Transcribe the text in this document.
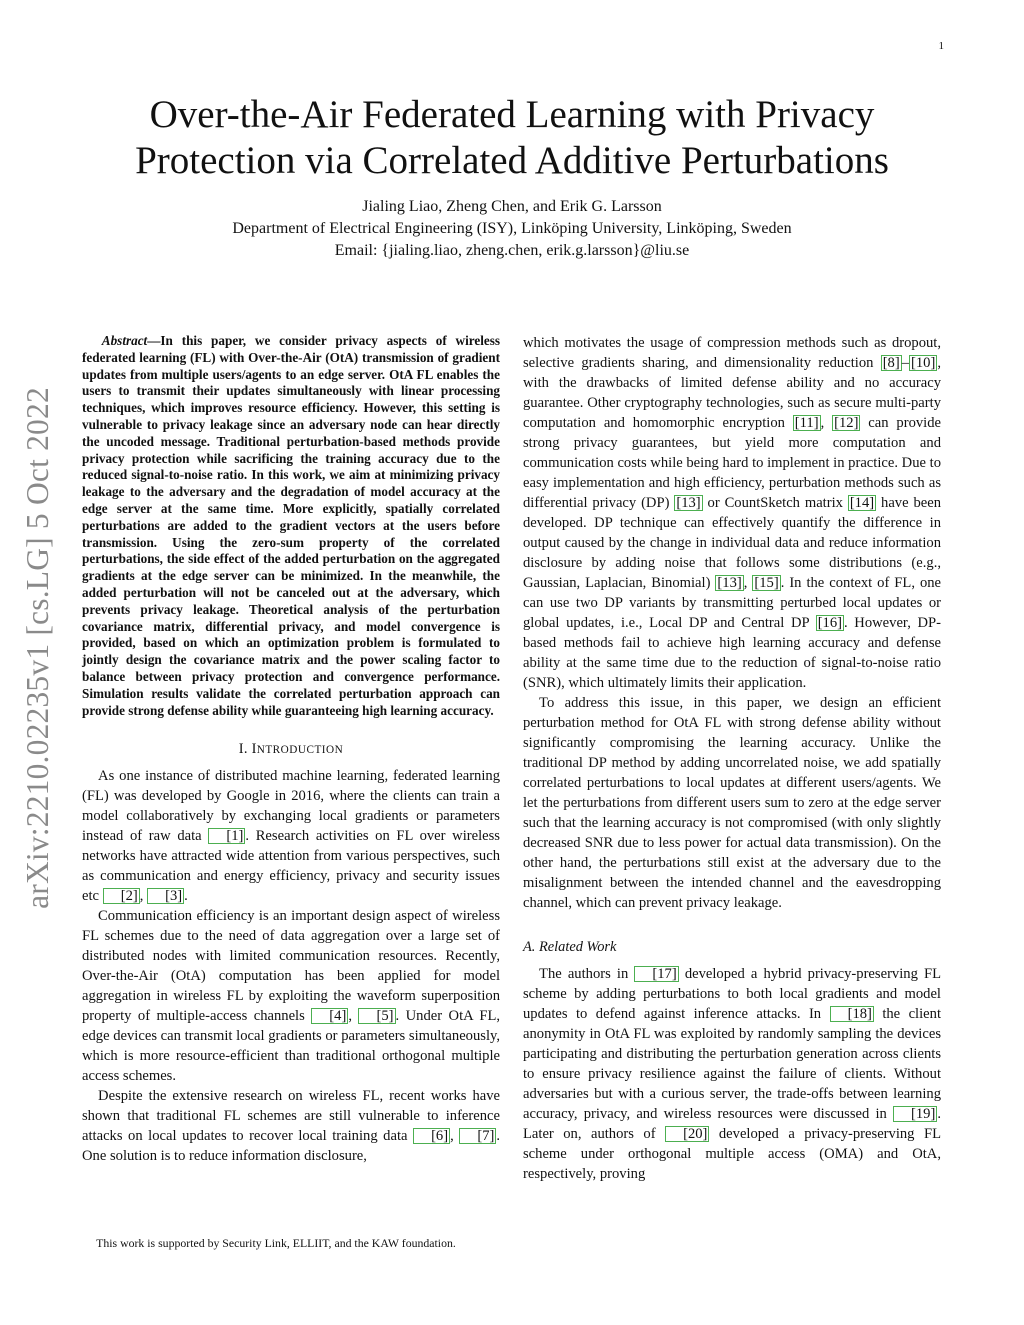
1
arXiv:2210.02235v1 [cs.LG] 5 Oct 2022
Over-the-Air Federated Learning with Privacy
Protection via Correlated Additive Perturbations
Jialing Liao, Zheng Chen, and Erik G. Larsson
Department of Electrical Engineering (ISY), Linköping University, Linköping, Sweden
Email: {jialing.liao, zheng.chen, erik.g.larsson}@liu.se

Abstract—In this paper, we consider privacy aspects of wireless federated learning (FL) with Over-the-Air (OtA) transmission of gradient updates from multiple users/agents to an edge server. OtA FL enables the users to transmit their updates simultaneously with linear processing techniques, which improves resource efficiency. However, this setting is vulnerable to privacy leakage since an adversary node can hear directly the uncoded message. Traditional perturbation-based methods provide privacy protection while sacrificing the training accuracy due to the reduced signal-to-noise ratio. In this work, we aim at minimizing privacy leakage to the adversary and the degradation of model accuracy at the edge server at the same time. More explicitly, spatially correlated perturbations are added to the gradient vectors at the users before transmission. Using the zero-sum property of the correlated perturbations, the side effect of the added perturbation on the aggregated gradients at the edge server can be minimized. In the meanwhile, the added perturbation will not be canceled out at the adversary, which prevents privacy leakage. Theoretical analysis of the perturbation covariance matrix, differential privacy, and model convergence is provided, based on which an optimization problem is formulated to jointly design the covariance matrix and the power scaling factor to balance between privacy protection and convergence performance. Simulation results validate the correlated perturbation approach can provide strong defense ability while guaranteeing high learning accuracy.

I. INTRODUCTION

As one instance of distributed machine learning, federated learning (FL) was developed by Google in 2016, where the clients can train a model collaboratively by exchanging local gradients or parameters instead of raw data [1] . Research activities on FL over wireless networks have attracted wide attention from various perspectives, such as communication and energy efficiency, privacy and security issues etc [2] , [3] .

Communication efficiency is an important design aspect of wireless FL schemes due to the need of data aggregation over a large set of distributed nodes with limited communication resources. Recently, Over-the-Air (OtA) computation has been applied for model aggregation in wireless FL by exploiting the waveform superposition property of multiple-access channels [4] , [5] . Under OtA FL, edge devices can transmit local gradients or parameters simultaneously, which is more resource-efficient than traditional orthogonal multiple access schemes.

Despite the extensive research on wireless FL, recent works have shown that traditional FL schemes are still vulnerable to inference attacks on local updates to recover local training data [6] , [7] . One solution is to reduce information disclosure,

This work is supported by Security Link, ELLIIT, and the KAW foundation.

which motivates the usage of compression methods such as dropout, selective gradients sharing, and dimensionality reduction [8] – [10] , with the drawbacks of limited defense ability and no accuracy guarantee. Other cryptography technologies, such as secure multi-party computation and homomorphic encryption [11] , [12] can provide strong privacy guarantees, but yield more computation and communication costs while being hard to implement in practice. Due to easy implementation and high efficiency, perturbation methods such as differential privacy (DP) [13] or CountSketch matrix [14] have been developed. DP technique can effectively quantify the difference in output caused by the change in individual data and reduce information disclosure by adding noise that follows some distributions (e.g., Gaussian, Laplacian, Binomial) [13] , [15] . In the context of FL, one can use two DP variants by transmitting perturbed local updates or global updates, i.e., Local DP and Central DP [16] . However, DP-based methods fail to achieve high learning accuracy and defense ability at the same time due to the reduction of signal-to-noise ratio (SNR), which ultimately limits their application.

To address this issue, in this paper, we design an efficient perturbation method for OtA FL with strong defense ability without significantly compromising the learning accuracy. Unlike the traditional DP method by adding uncorrelated noise, we add spatially correlated perturbations to local updates at different users/agents. We let the perturbations from different users sum to zero at the edge server such that the learning accuracy is not compromised (with only slightly decreased SNR due to less power for actual data transmission). On the other hand, the perturbations still exist at the adversary due to the misalignment between the intended channel and the eavesdropping channel, which can prevent privacy leakage.

A. Related Work

The authors in [17] developed a hybrid privacy-preserving FL scheme by adding perturbations to both local gradients and model updates to defend against inference attacks. In [18] the client anonymity in OtA FL was exploited by randomly sampling the devices participating and distributing the perturbation generation across clients to ensure privacy resilience against the failure of clients. Without adversaries but with a curious server, the trade-offs between learning accuracy, privacy, and wireless resources were discussed in [19] . Later on, authors of [20] developed a privacy-preserving FL scheme under orthogonal multiple access (OMA) and OtA, respectively, proving
